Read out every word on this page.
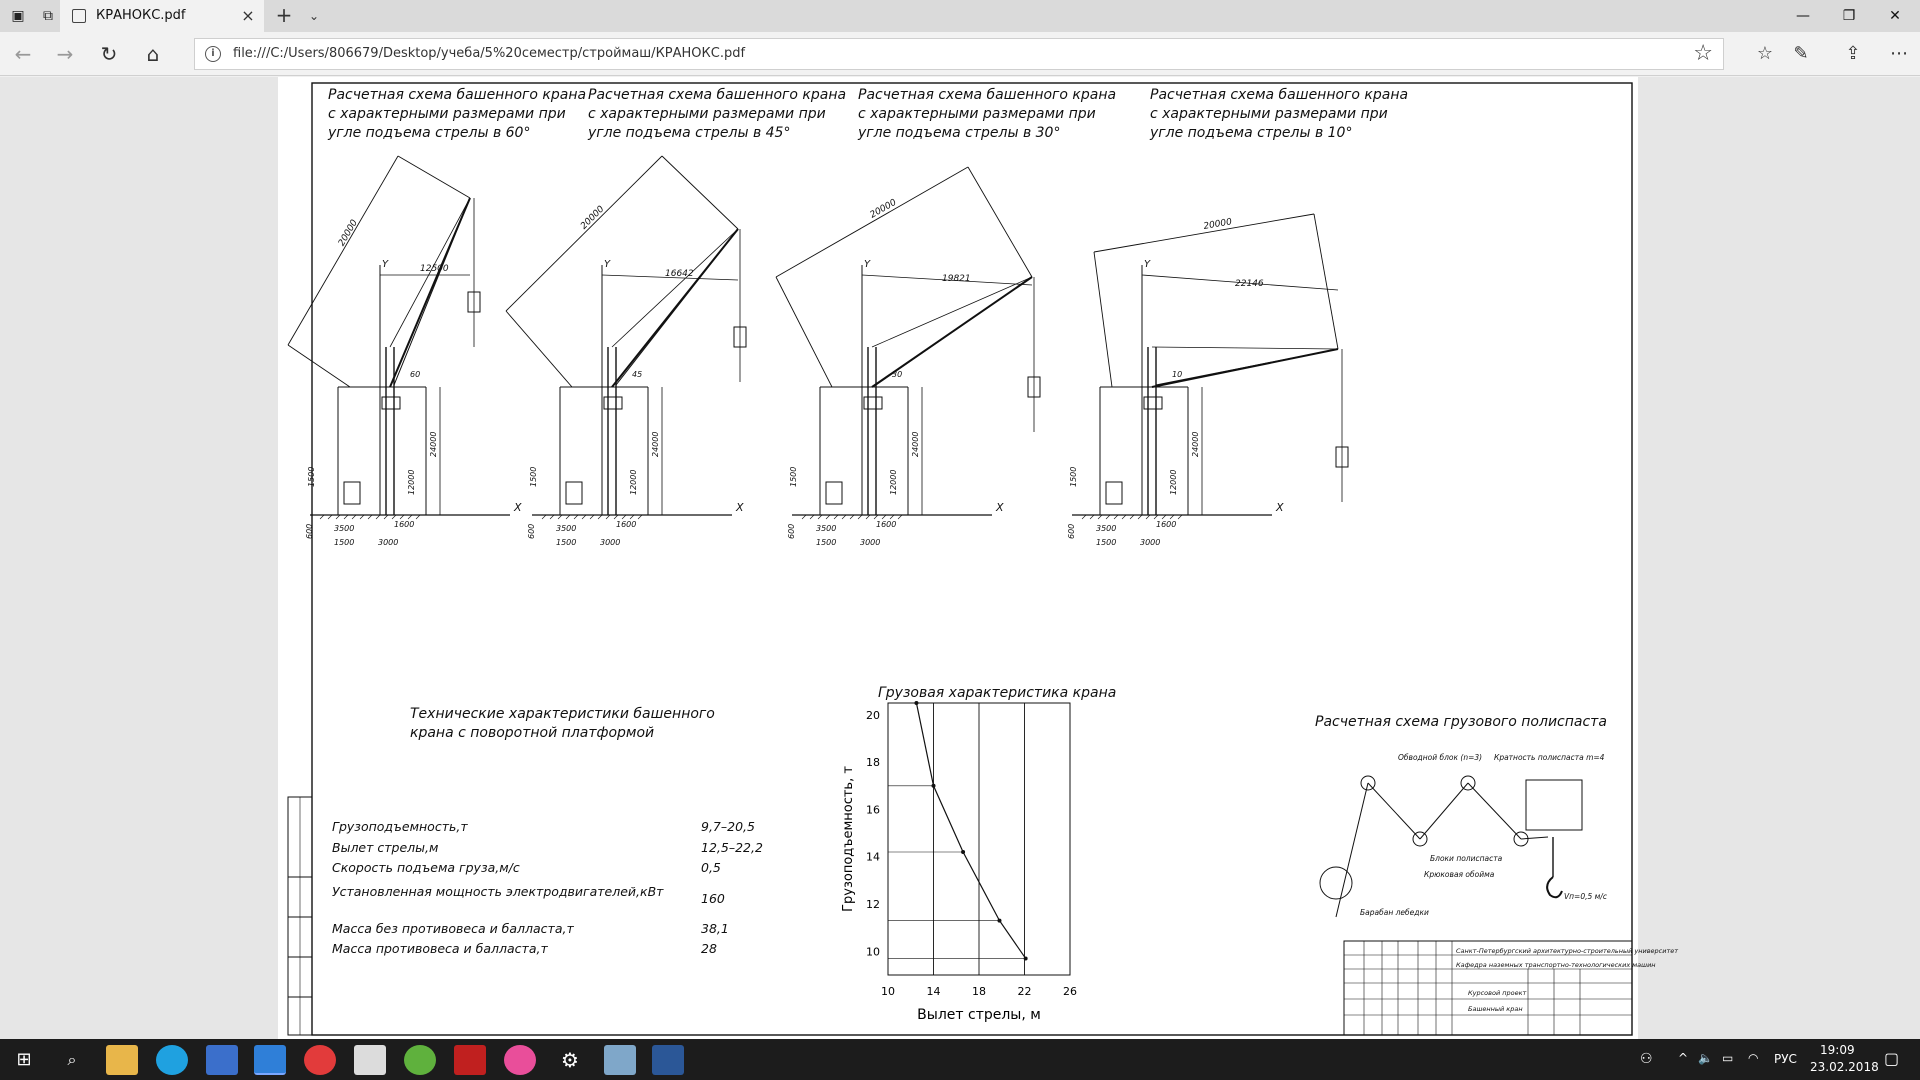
▣	⧉	КРАНОКС.pdf	× +	⌄	—	❐	✕
←	→	↻	⌂	i	file:///C:/Users/806679/Desktop/учеба/5%20семестр/строймаш/КРАНОКС.pdf	☆	☆	✎	⇪	⋯
Расчетная схема башенного крана
с характерными размерами при
угле подъема стрелы в 60°
Расчетная схема башенного крана
с характерными размерами при
угле подъема стрелы в 45°
Расчетная схема башенного крана
с характерными размерами при
угле подъема стрелы в 30°
Расчетная схема башенного крана
с характерными размерами при
угле подъема стрелы в 10°
X
Y
20000
12500
60
24000
12000
1500
3500	1600
3000
1500
600
X
Y
20000
16642
45
24000
12000
1500
3500	1600
3000
1500
600
X
Y
20000
19821
30
24000
12000
1500
3500	1600
3000
1500
600
X
Y
20000
22146
10
24000
12000
1500
3500	1600
3000
1500
600
Технические характеристики башенного
крана с поворотной платформой
Грузоподъемность,т	9,7–20,5
Вылет стрелы,м	12,5–22,2
Скорость подъема груза,м/с	0,5
Установленная мощность электродвигателей,кВт	160
Масса без противовеса и балласта,т	38,1
Масса противовеса и балласта,т	28
Грузовая характеристика крана
10	14	18	22	26
10
12
14
16
18
20
Вылет стрелы, м
Грузоподъемность, т
Расчетная схема грузового полиспаста
Обводной блок (n=3) Кратность полиспаста m=4
Блоки полиспаста
Крюковая обойма
Барабан лебедки
Vп=0,5 м/с
Санкт-Петербургский архитектурно-строительный университет
Кафедра наземных транспортно-технологических машин
Курсовой проект
Башенный кран
⊞	⌕	⚙	⚇ ^ 🔈 ▭ ◠ РУС
19:09
23.02.2018 ▢
